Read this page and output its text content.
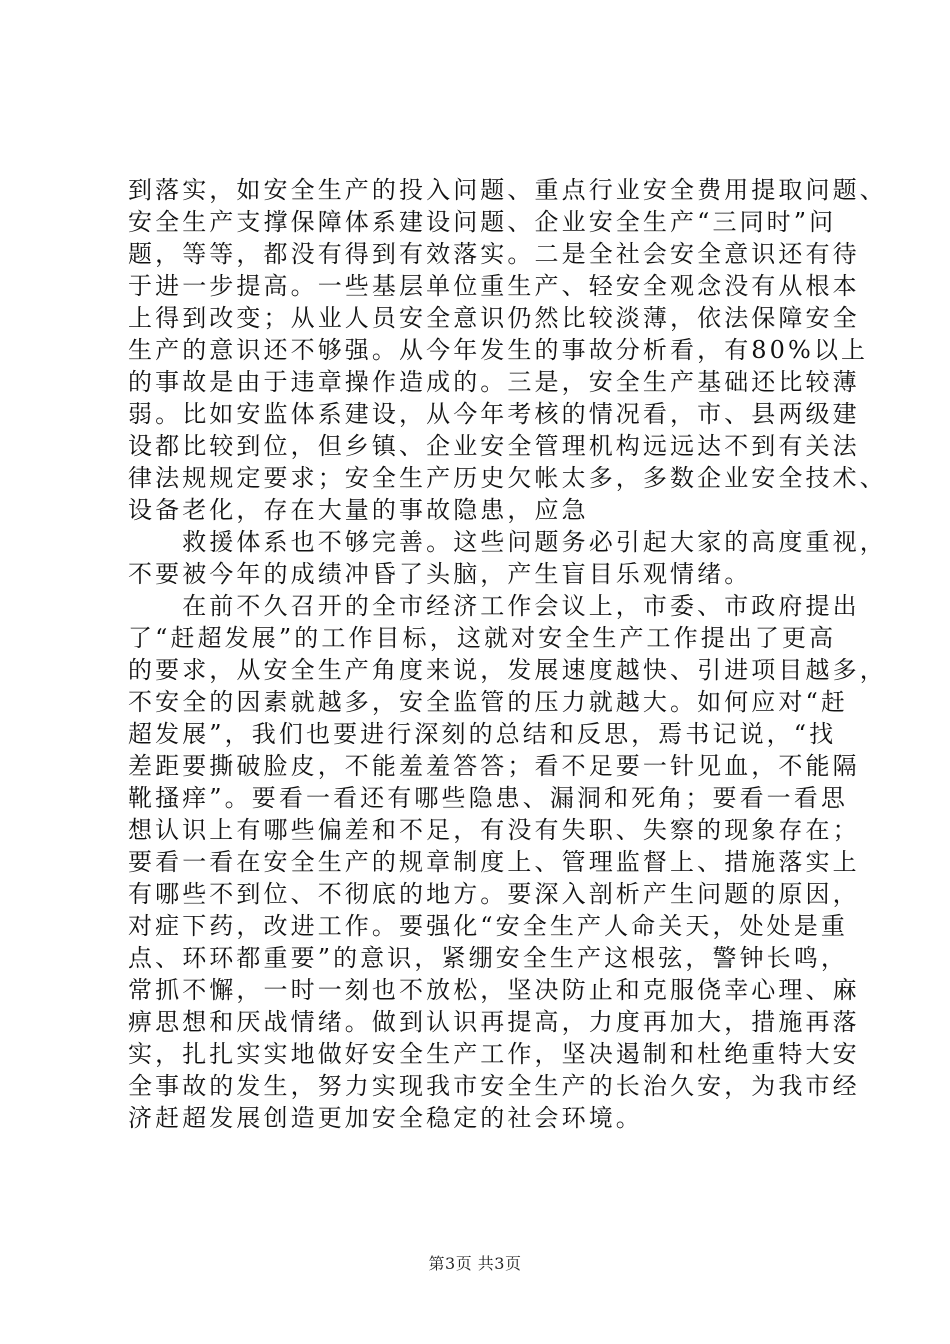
到落实，如安全生产的投入问题、重点行业安全费用提取问题、
安全生产支撑保障体系建设问题、企业安全生产“三同时”问
题，等等，都没有得到有效落实。二是全社会安全意识还有待
于进一步提高。一些基层单位重生产、轻安全观念没有从根本
上得到改变；从业人员安全意识仍然比较淡薄，依法保障安全
生产的意识还不够强。从今年发生的事故分析看，有80%以上
的事故是由于违章操作造成的。三是，安全生产基础还比较薄
弱。比如安监体系建设，从今年考核的情况看，市、县两级建
设都比较到位，但乡镇、企业安全管理机构远远达不到有关法
律法规规定要求；安全生产历史欠帐太多，多数企业安全技术、
设备老化，存在大量的事故隐患，应急
　　救援体系也不够完善。这些问题务必引起大家的高度重视，
不要被今年的成绩冲昏了头脑，产生盲目乐观情绪。
　　在前不久召开的全市经济工作会议上，市委、市政府提出
了“赶超发展”的工作目标，这就对安全生产工作提出了更高
的要求，从安全生产角度来说，发展速度越快、引进项目越多，
不安全的因素就越多，安全监管的压力就越大。如何应对“赶
超发展”，我们也要进行深刻的总结和反思，焉书记说，“找
差距要撕破脸皮，不能羞羞答答；看不足要一针见血，不能隔
靴搔痒”。要看一看还有哪些隐患、漏洞和死角；要看一看思
想认识上有哪些偏差和不足，有没有失职、失察的现象存在；
要看一看在安全生产的规章制度上、管理监督上、措施落实上
有哪些不到位、不彻底的地方。要深入剖析产生问题的原因，
对症下药，改进工作。要强化“安全生产人命关天，处处是重
点、环环都重要”的意识，紧绷安全生产这根弦，警钟长鸣，
常抓不懈，一时一刻也不放松，坚决防止和克服侥幸心理、麻
痹思想和厌战情绪。做到认识再提高，力度再加大，措施再落
实，扎扎实实地做好安全生产工作，坚决遏制和杜绝重特大安
全事故的发生，努力实现我市安全生产的长治久安，为我市经
济赶超发展创造更加安全稳定的社会环境。
第3页 共3页
